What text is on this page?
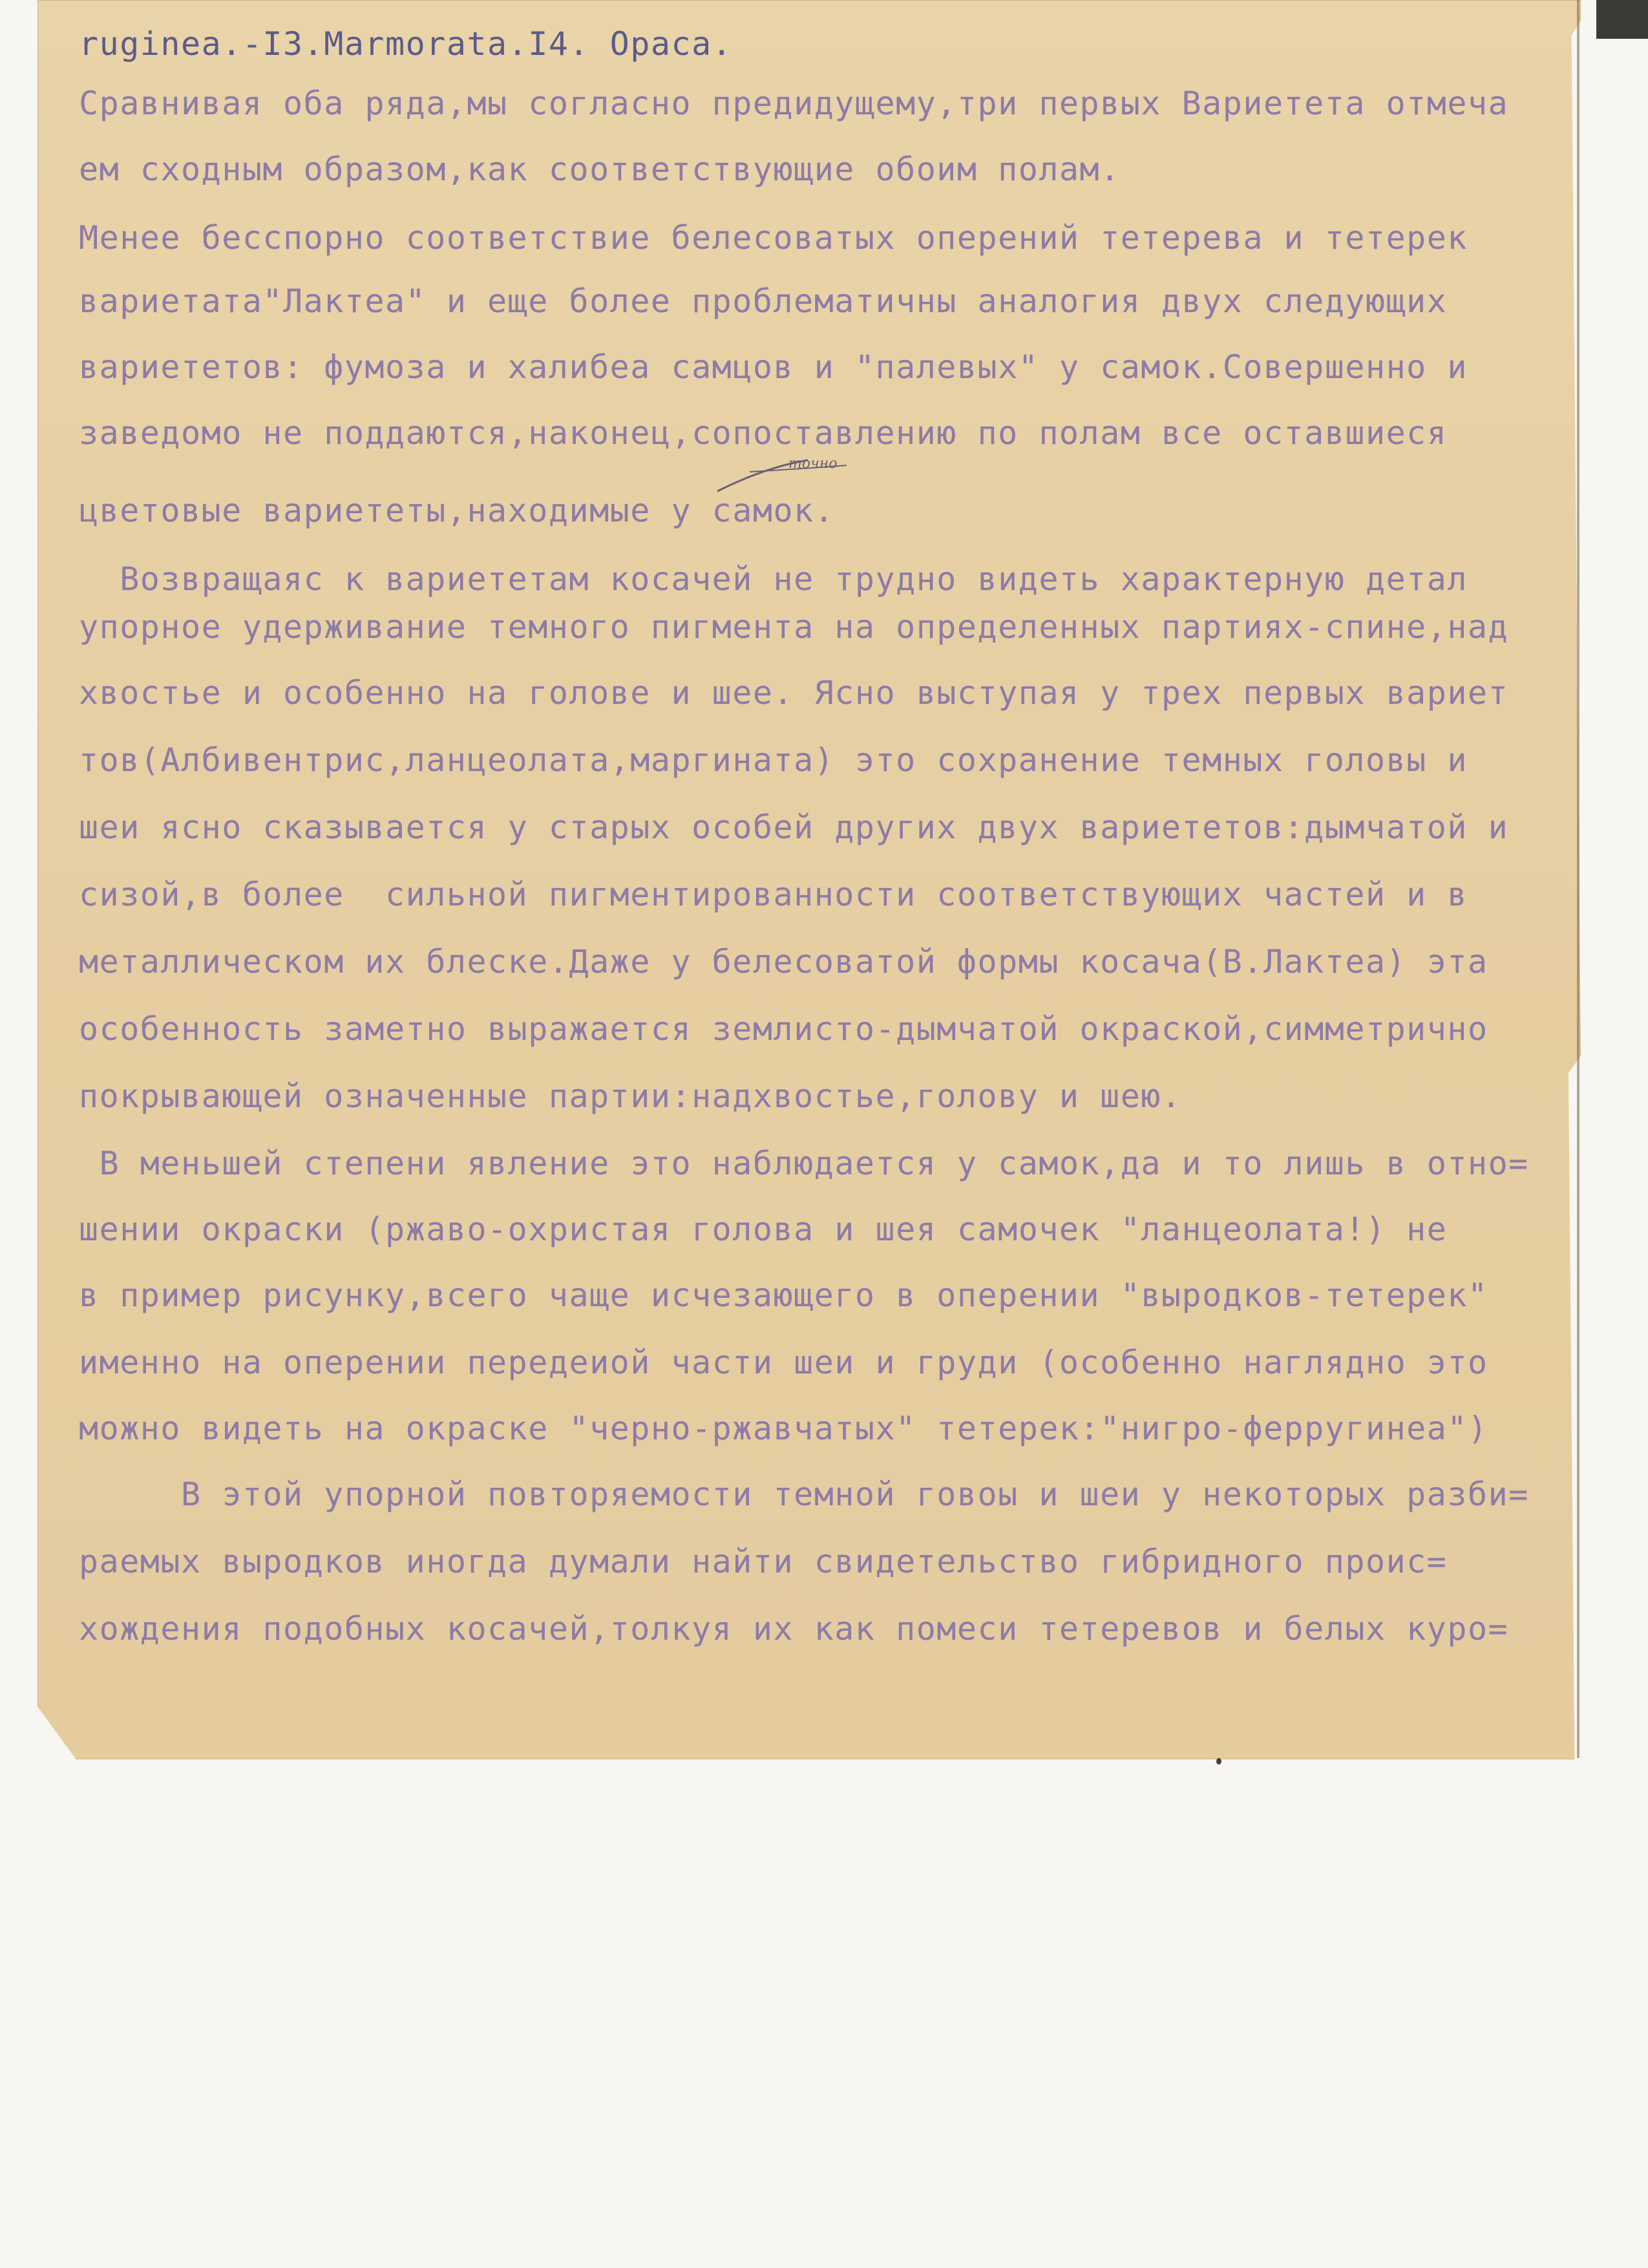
rugineа.-I3.Marmorata.I4. Opaca.
Сравнивая оба ряда,мы согласно предидущему,три первых Вариетета отмеча
ем сходным образом,как соответствующие обоим полам.
Менее бесспорно соответствие белесоватых оперений тетерева и тетерек
вариетата"Лактеа" и еще более проблематичны аналогия двух следующих
вариететов: фумоза и халибеа самцов и "палевых" у самок.Совершенно и
заведомо не поддаются,наконец,сопоставлению по полам все оставшиеся
цветовые вариететы,находимые у самок.
Возвращаяс к вариететам косачей не трудно видеть характерную детал
упорное удерживание темного пигмента на определенных партиях-спине,над
хвостье и особенно на голове и шее. Ясно выступая у трех первых вариет
тов(Албивентрис,ланцеолата,маргината) это сохранение темных головы и
шеи ясно сказывается у старых особей других двух вариететов:дымчатой и
сизой,в более  сильной пигментированности соответствующих частей и в
металлическом их блеске.Даже у белесоватой формы косача(В.Лактеа) эта
особенность заметно выражается землисто-дымчатой окраской,симметрично
покрывающей означенные партии:надхвостье,голову и шею.
В меньшей степени явление это наблюдается у самок,да и то лишь в отно=
шении окраски (ржаво-охристая голова и шея самочек "ланцеолата!) не
в пример рисунку,всего чаще исчезающего в оперении "выродков-тетерек"
именно на оперении передеиой части шеи и груди (особенно наглядно это
можно видеть на окраске "черно-ржавчатых" тетерек:"нигро-ферругинеа")
В этой упорной повторяемости темной говоы и шеи у некоторых разби=
раемых выродков иногда думали найти свидетельство гибридного проис=
хождения подобных косачей,толкуя их как помеси тетеревов и белых куро=
точно
